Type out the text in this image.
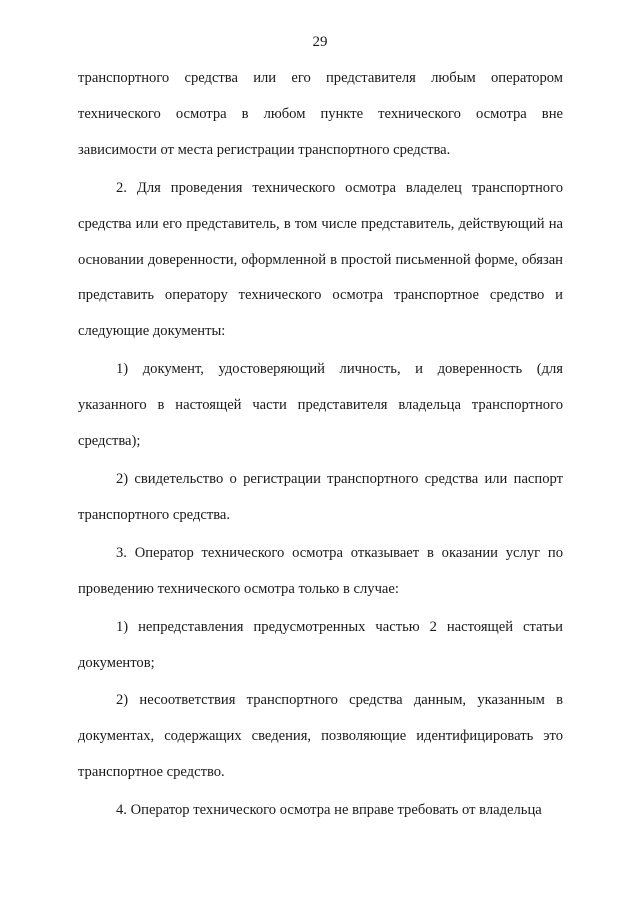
29

транспортного средства или его представителя любым оператором технического осмотра в любом пункте технического осмотра вне зависимости от места регистрации транспортного средства.

2. Для проведения технического осмотра владелец транспортного средства или его представитель, в том числе представитель, действующий на основании доверенности, оформленной в простой письменной форме, обязан представить оператору технического осмотра транспортное средство и следующие документы:

1) документ, удостоверяющий личность, и доверенность (для указанного в настоящей части представителя владельца транспортного средства);

2) свидетельство о регистрации транспортного средства или паспорт транспортного средства.

3. Оператор технического осмотра отказывает в оказании услуг по проведению технического осмотра только в случае:

1) непредставления предусмотренных частью 2 настоящей статьи документов;

2) несоответствия транспортного средства данным, указанным в документах, содержащих сведения, позволяющие идентифицировать это транспортное средство.

4. Оператор технического осмотра не вправе требовать от владельца
